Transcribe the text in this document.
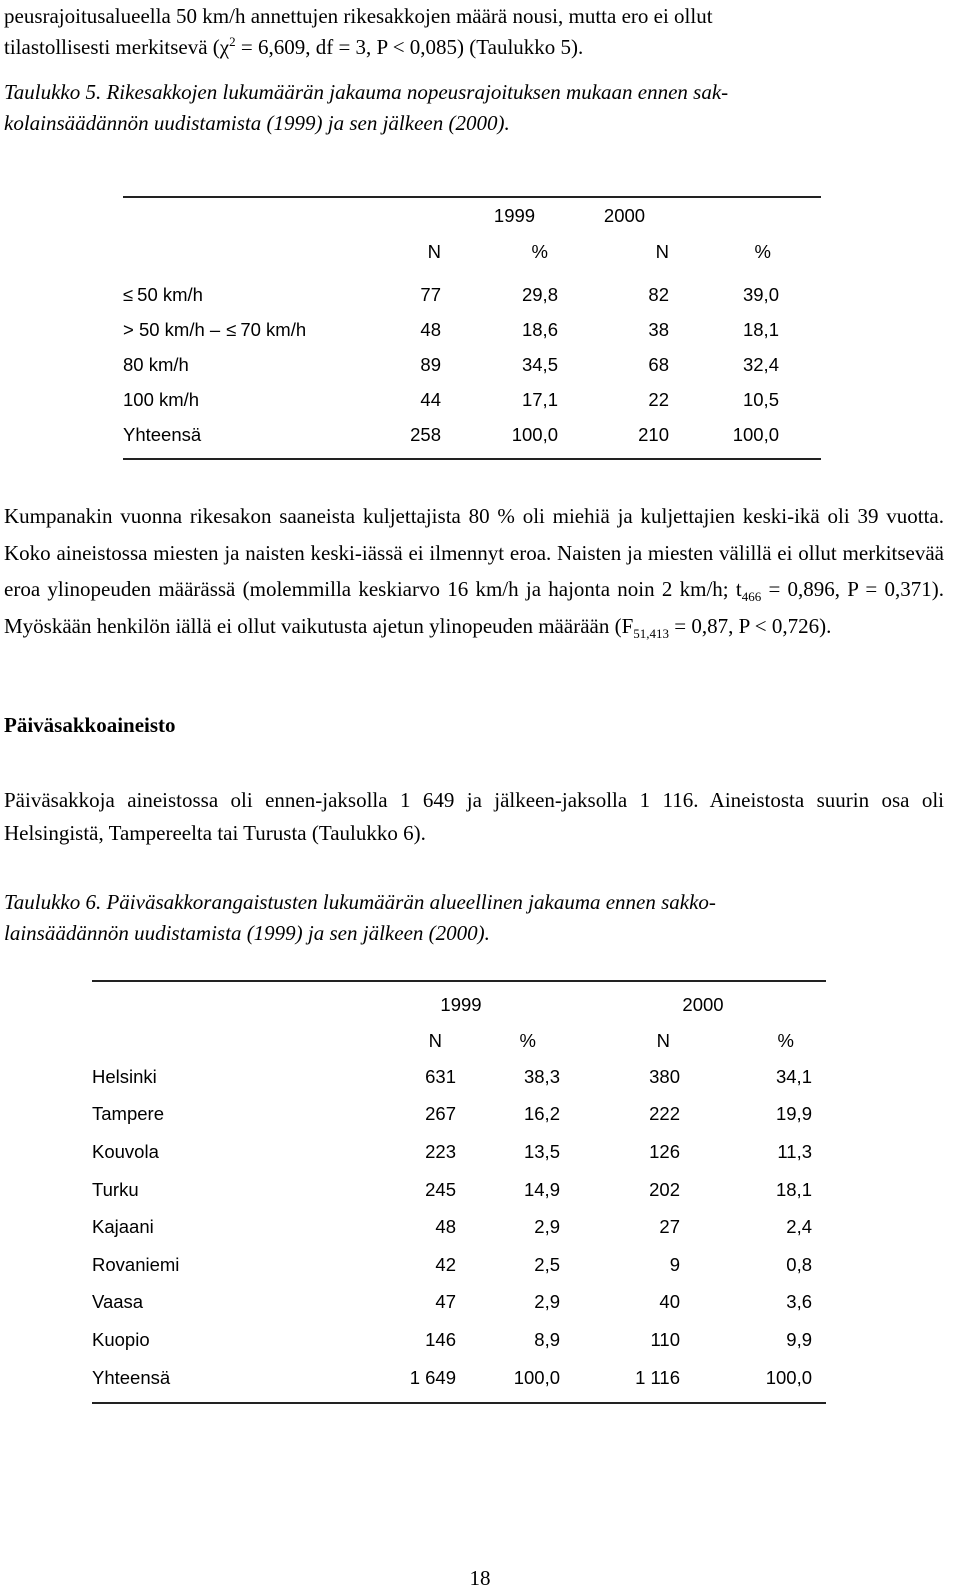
peusrajoitusalueella 50 km/h annettujen rikesakkojen määrä nousi, mutta ero ei ollut
tilastollisesti merkitsevä ($\chi^2 = 6,609$, df = 3, P < 0,085) (Taulukko 5).
Taulukko 5. Rikesakkojen lukumäärän jakauma nopeusrajoituksen mukaan ennen sak-
kolainsäädännön uudistamista (1999) ja sen jälkeen (2000).
	1999		2000	
	N	%	N	%
≤ 50 km/h	77	29,8	82	39,0
> 50 km/h – ≤ 70 km/h	48	18,6	38	18,1
80 km/h	89	34,5	68	32,4
100 km/h	44	17,1	22	10,5
Yhteensä	258	100,0	210	100,0
Kumpanakin vuonna rikesakon saaneista kuljettajista 80 % oli miehiä ja kuljettajien keski-ikä oli 39 vuotta. Koko aineistossa miesten ja naisten keski-iässä ei ilmennyt eroa. Naisten ja miesten välillä ei ollut merkitsevää eroa ylinopeuden määrässä (molemmilla keskiarvo 16 km/h ja hajonta noin 2 km/h; $t_{466} = 0,896$, P = 0,371). Myöskään henkilön iällä ei ollut vaikutusta ajetun ylinopeuden määrään ($F_{51,413} = 0,87$, P < 0,726).
Päiväsakkoaineisto
Päiväsakkoja aineistossa oli ennen-jaksolla 1 649 ja jälkeen-jaksolla 1 116. Aineistosta suurin osa oli Helsingistä, Tampereelta tai Turusta (Taulukko 6).
Taulukko 6. Päiväsakkorangaistusten lukumäärän alueellinen jakauma ennen sakko-
lainsäädännön uudistamista (1999) ja sen jälkeen (2000).
	1999		2000	
	N	%	N	%
Helsinki	631	38,3	380	34,1
Tampere	267	16,2	222	19,9
Kouvola	223	13,5	126	11,3
Turku	245	14,9	202	18,1
Kajaani	48	2,9	27	2,4
Rovaniemi	42	2,5	9	0,8
Vaasa	47	2,9	40	3,6
Kuopio	146	8,9	110	9,9
Yhteensä	1 649	100,0	1 116	100,0
18
